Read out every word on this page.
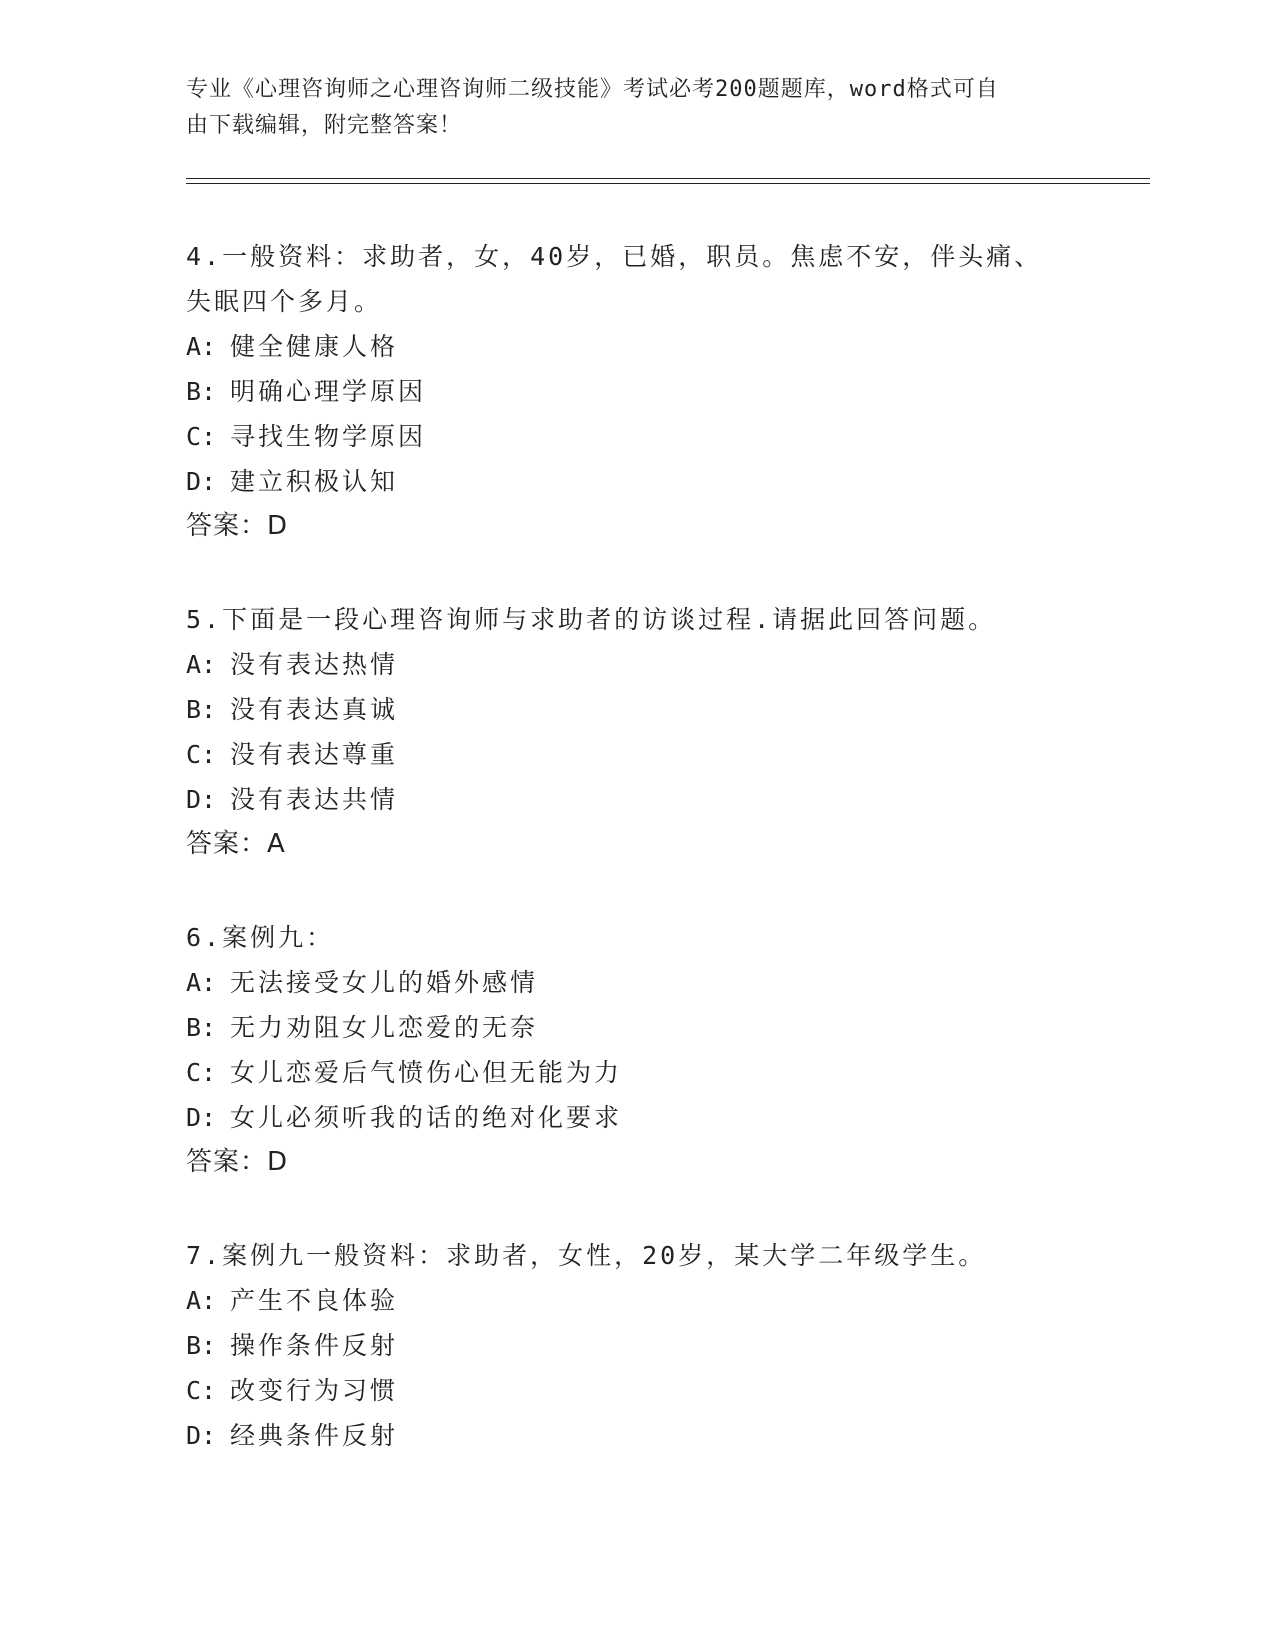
专业《心理咨询师之心理咨询师二级技能》考试必考200题题库，word格式可自
由下载编辑，附完整答案！

4.一般资料：求助者，女，40岁，已婚，职员。焦虑不安，伴头痛、

失眠四个多月。

A: 健全健康人格

B: 明确心理学原因

C: 寻找生物学原因

D: 建立积极认知

答案：D

5.下面是一段心理咨询师与求助者的访谈过程.请据此回答问题。

A: 没有表达热情

B: 没有表达真诚

C: 没有表达尊重

D: 没有表达共情

答案：A

6.案例九：

A: 无法接受女儿的婚外感情

B: 无力劝阻女儿恋爱的无奈

C: 女儿恋爱后气愤伤心但无能为力

D: 女儿必须听我的话的绝对化要求

答案：D

7.案例九一般资料：求助者，女性，20岁，某大学二年级学生。

A: 产生不良体验

B: 操作条件反射

C: 改变行为习惯

D: 经典条件反射
